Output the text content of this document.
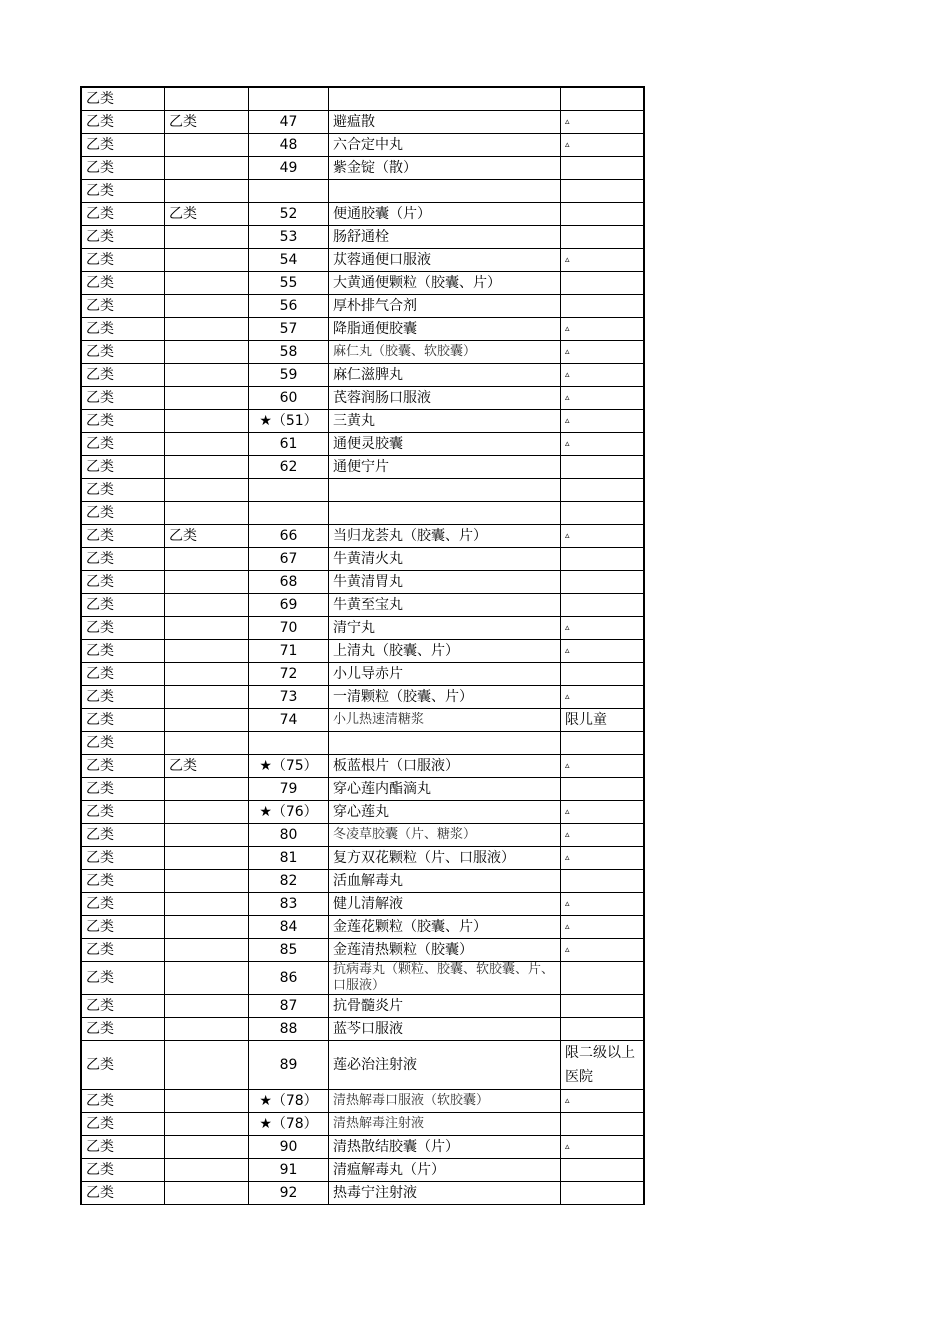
乙类				
乙类	乙类	47	避瘟散	▵
乙类		48	六合定中丸	▵
乙类		49	紫金锭（散）	
乙类				
乙类	乙类	52	便通胶囊（片）	
乙类		53	肠舒通栓	
乙类		54	苁蓉通便口服液	▵
乙类		55	大黄通便颗粒（胶囊、片）	
乙类		56	厚朴排气合剂	
乙类		57	降脂通便胶囊	▵
乙类		58	麻仁丸（胶囊、软胶囊）	▵
乙类		59	麻仁滋脾丸	▵
乙类		60	芪蓉润肠口服液	▵
乙类		★（51）	三黄丸	▵
乙类		61	通便灵胶囊	▵
乙类		62	通便宁片	
乙类				
乙类				
乙类	乙类	66	当归龙荟丸（胶囊、片）	▵
乙类		67	牛黄清火丸	
乙类		68	牛黄清胃丸	
乙类		69	牛黄至宝丸	
乙类		70	清宁丸	▵
乙类		71	上清丸（胶囊、片）	▵
乙类		72	小儿导赤片	
乙类		73	一清颗粒（胶囊、片）	▵
乙类		74	小儿热速清糖浆	限儿童
乙类				
乙类	乙类	★（75）	板蓝根片（口服液）	▵
乙类		79	穿心莲内酯滴丸	
乙类		★（76）	穿心莲丸	▵
乙类		80	冬凌草胶囊（片、糖浆）	▵
乙类		81	复方双花颗粒（片、口服液）	▵
乙类		82	活血解毒丸	
乙类		83	健儿清解液	▵
乙类		84	金莲花颗粒（胶囊、片）	▵
乙类		85	金莲清热颗粒（胶囊）	▵
乙类		86	抗病毒丸（颗粒、胶囊、软胶囊、片、口服液）	
乙类		87	抗骨髓炎片	
乙类		88	蓝芩口服液	
乙类		89	莲必治注射液	限二级以上医院
乙类		★（78）	清热解毒口服液（软胶囊）	▵
乙类		★（78）	清热解毒注射液	
乙类		90	清热散结胶囊（片）	▵
乙类		91	清瘟解毒丸（片）	
乙类		92	热毒宁注射液	
